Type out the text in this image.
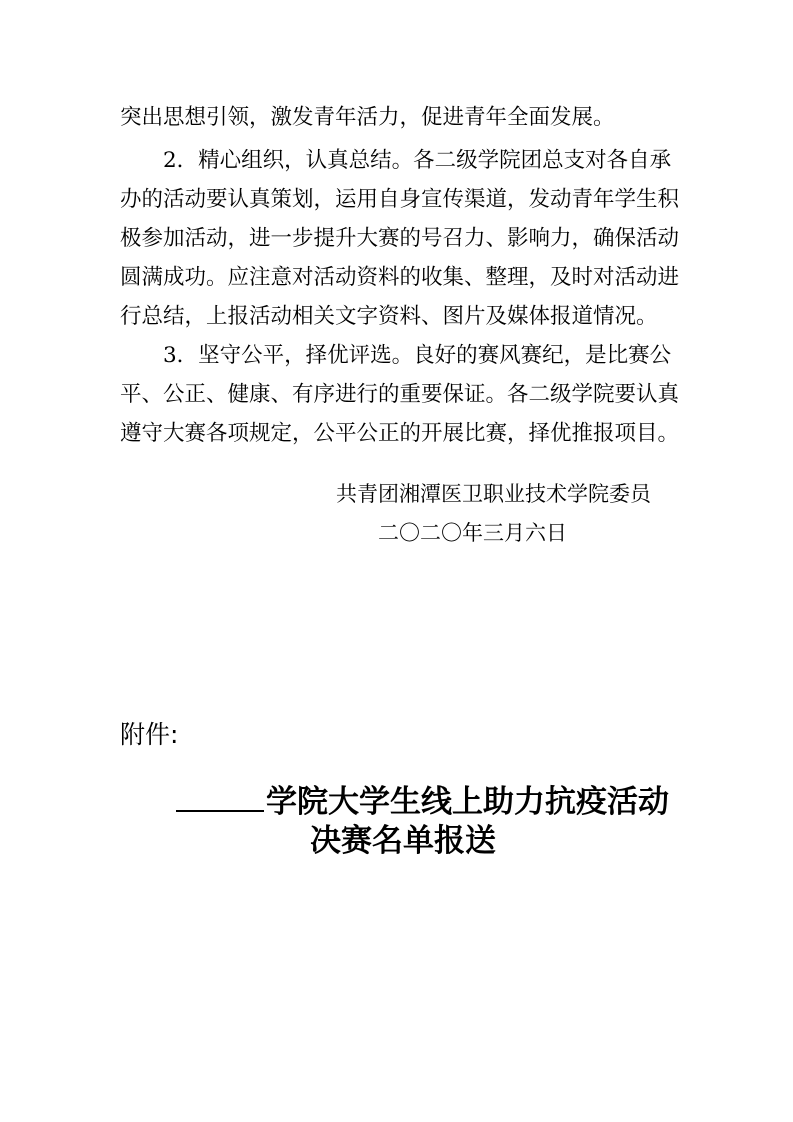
突出思想引领，激发青年活力，促进青年全面发展。
2．精心组织，认真总结。各二级学院团总支对各自承
办的活动要认真策划，运用自身宣传渠道，发动青年学生积
极参加活动，进一步提升大赛的号召力、影响力，确保活动
圆满成功。应注意对活动资料的收集、整理，及时对活动进
行总结，上报活动相关文字资料、图片及媒体报道情况。
3．坚守公平，择优评选。良好的赛风赛纪，是比赛公
平、公正、健康、有序进行的重要保证。各二级学院要认真
遵守大赛各项规定，公平公正的开展比赛，择优推报项目。
共青团湘潭医卫职业技术学院委员
二〇二〇年三月六日
附件:
学院大学生线上助力抗疫活动
决赛名单报送
